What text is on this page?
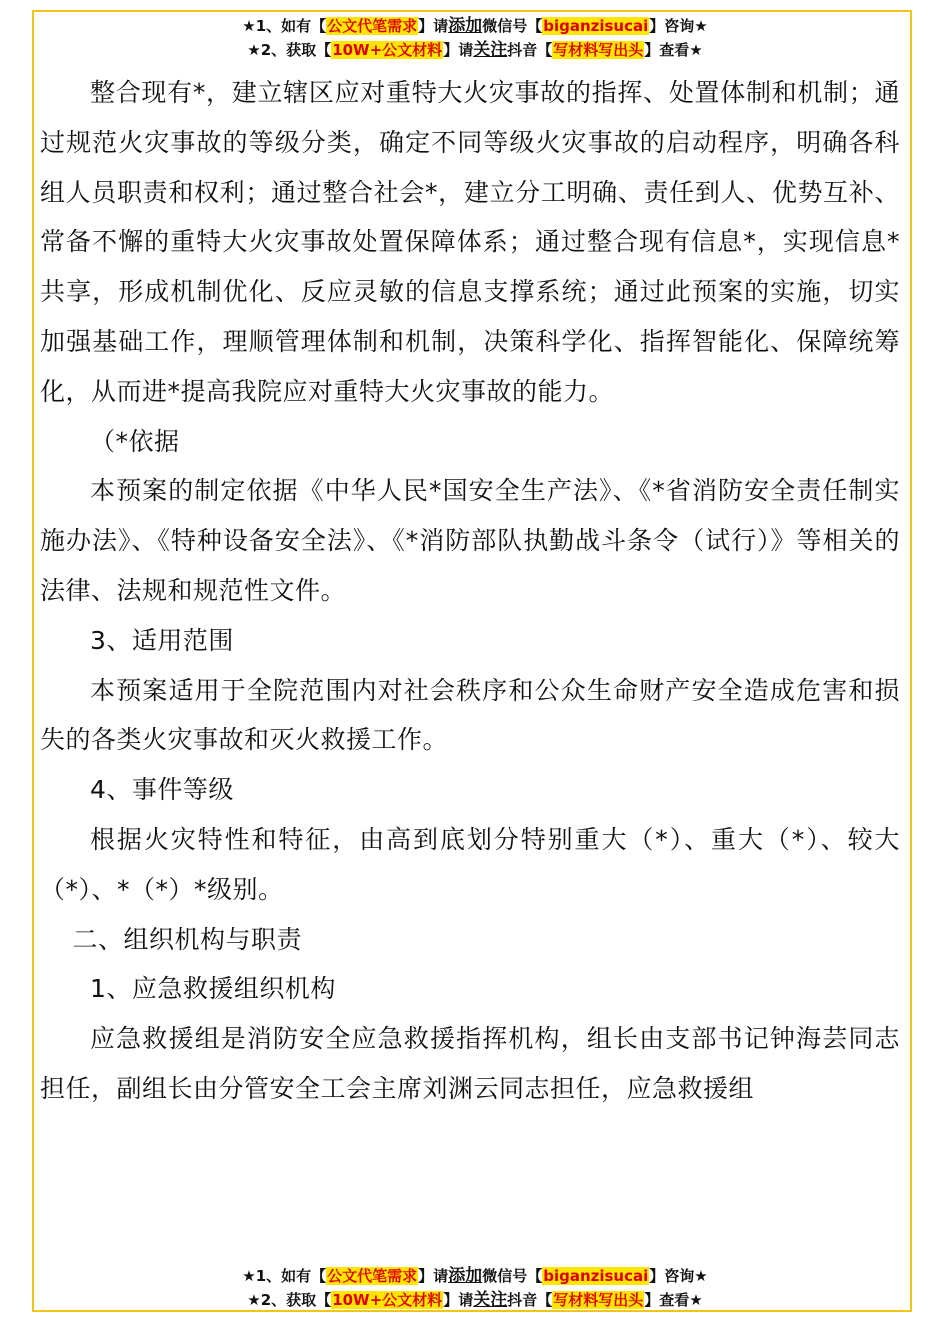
★1、如有【公文代笔需求】请添加微信号【biganzisucai】咨询★
★2、获取【10W+公文材料】请关注抖音【写材料写出头】查看★

整合现有*，建立辖区应对重特大火灾事故的指挥、处置体制和机制；通过规范火灾事故的等级分类，确定不同等级火灾事故的启动程序，明确各科组人员职责和权利；通过整合社会*，建立分工明确、责任到人、优势互补、常备不懈的重特大火灾事故处置保障体系；通过整合现有信息*，实现信息*共享，形成机制优化、反应灵敏的信息支撑系统；通过此预案的实施，切实加强基础工作，理顺管理体制和机制，决策科学化、指挥智能化、保障统筹化，从而进*提高我院应对重特大火灾事故的能力。

（*依据

本预案的制定依据《中华人民*国安全生产法》、《*省消防安全责任制实施办法》、《特种设备安全法》、《*消防部队执勤战斗条令（试行）》等相关的法律、法规和规范性文件。

3、适用范围

本预案适用于全院范围内对社会秩序和公众生命财产安全造成危害和损失的各类火灾事故和灭火救援工作。

4、事件等级

根据火灾特性和特征，由高到底划分特别重大（*）、重大（*）、较大（*）、*（*）*级别。

二、组织机构与职责

1、应急救援组织机构

应急救援组是消防安全应急救援指挥机构，组长由支部书记钟海芸同志担任，副组长由分管安全工会主席刘渊云同志担任，应急救援组

★1、如有【公文代笔需求】请添加微信号【biganzisucai】咨询★
★2、获取【10W+公文材料】请关注抖音【写材料写出头】查看★
